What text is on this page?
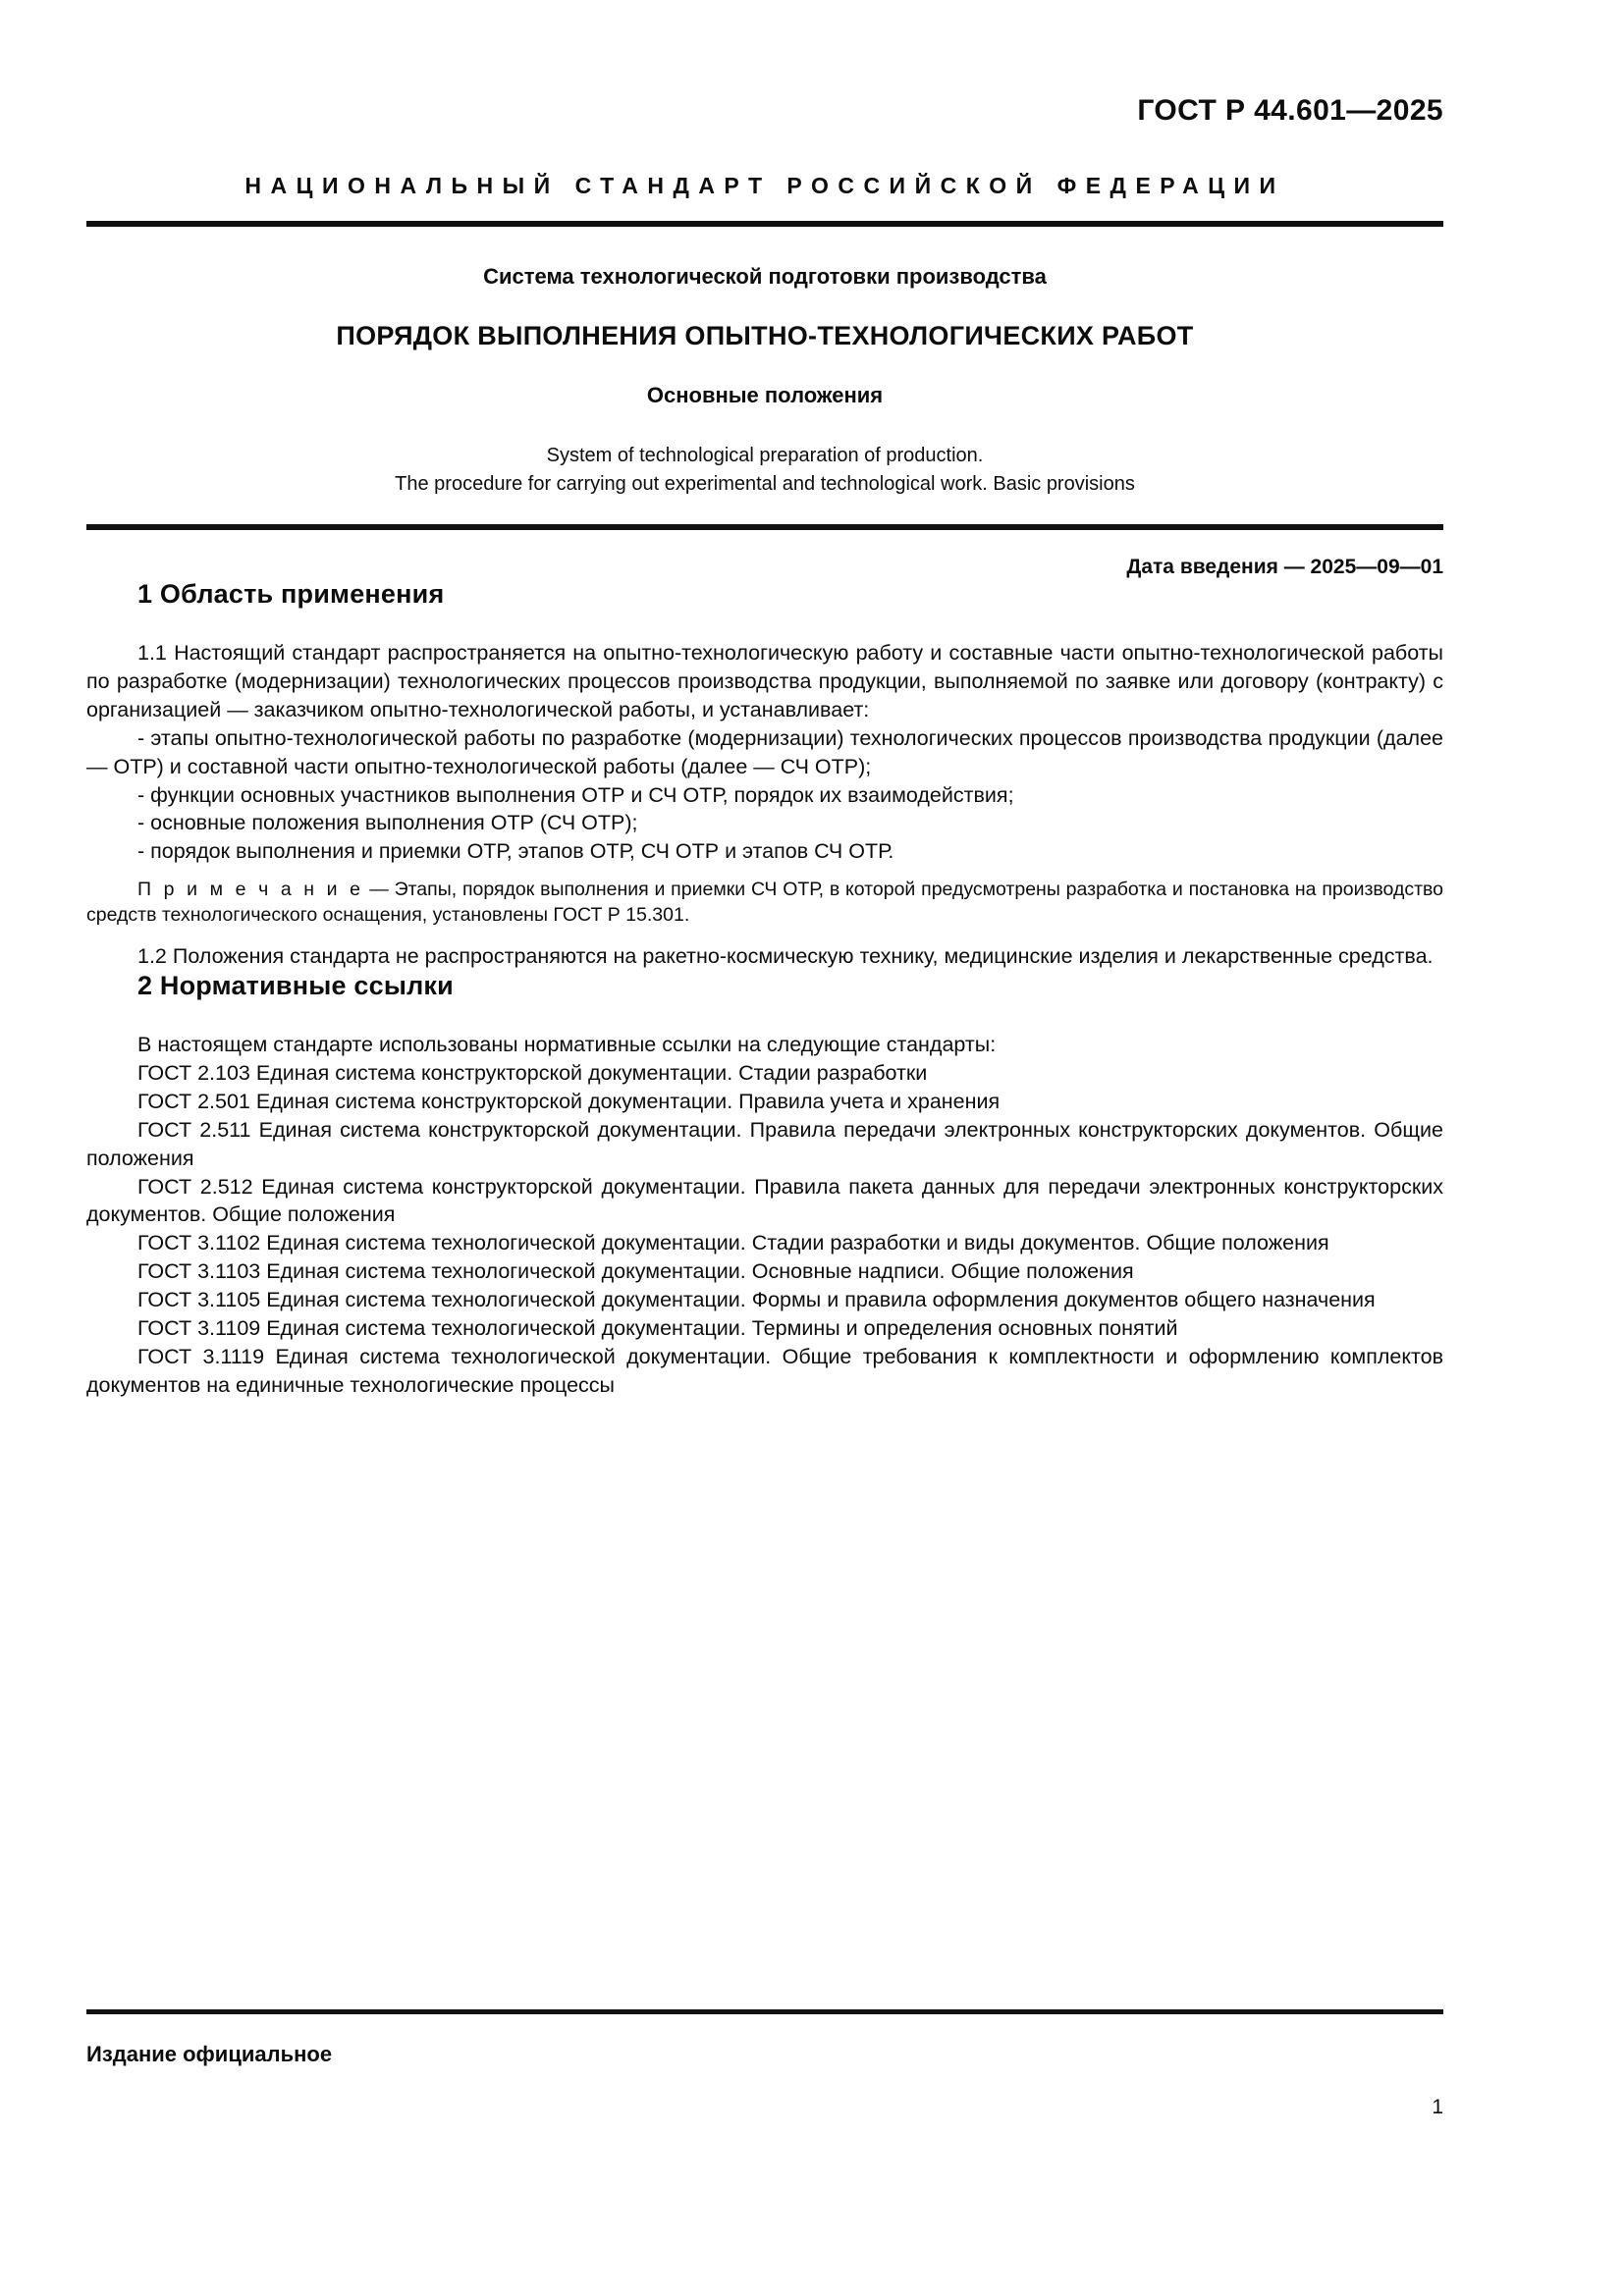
ГОСТ Р 44.601—2025
НАЦИОНАЛЬНЫЙ СТАНДАРТ РОССИЙСКОЙ ФЕДЕРАЦИИ
Система технологической подготовки производства
ПОРЯДОК ВЫПОЛНЕНИЯ ОПЫТНО-ТЕХНОЛОГИЧЕСКИХ РАБОТ
Основные положения
System of technological preparation of production.
The procedure for carrying out experimental and technological work. Basic provisions
Дата введения — 2025—09—01
1 Область применения

1.1 Настоящий стандарт распространяется на опытно-технологическую работу и составные части опытно-технологической работы по разработке (модернизации) технологических процессов производства продукции, выполняемой по заявке или договору (контракту) с организацией — заказчиком опытно-технологической работы, и устанавливает:

- этапы опытно-технологической работы по разработке (модернизации) технологических процессов производства продукции (далее — ОТР) и составной части опытно-технологической работы (далее — СЧ ОТР);

- функции основных участников выполнения ОТР и СЧ ОТР, порядок их взаимодействия;

- основные положения выполнения ОТР (СЧ ОТР);

- порядок выполнения и приемки ОТР, этапов ОТР, СЧ ОТР и этапов СЧ ОТР.

П р и м е ч а н и е — Этапы, порядок выполнения и приемки СЧ ОТР, в которой предусмотрены разработка и постановка на производство средств технологического оснащения, установлены ГОСТ Р 15.301.

1.2 Положения стандарта не распространяются на ракетно-космическую технику, медицинские изделия и лекарственные средства.

2 Нормативные ссылки

В настоящем стандарте использованы нормативные ссылки на следующие стандарты:

ГОСТ 2.103 Единая система конструкторской документации. Стадии разработки

ГОСТ 2.501 Единая система конструкторской документации. Правила учета и хранения

ГОСТ 2.511 Единая система конструкторской документации. Правила передачи электронных конструкторских документов. Общие положения

ГОСТ 2.512 Единая система конструкторской документации. Правила пакета данных для передачи электронных конструкторских документов. Общие положения

ГОСТ 3.1102 Единая система технологической документации. Стадии разработки и виды документов. Общие положения

ГОСТ 3.1103 Единая система технологической документации. Основные надписи. Общие положения

ГОСТ 3.1105 Единая система технологической документации. Формы и правила оформления документов общего назначения

ГОСТ 3.1109 Единая система технологической документации. Термины и определения основных понятий

ГОСТ 3.1119 Единая система технологической документации. Общие требования к комплектности и оформлению комплектов документов на единичные технологические процессы

Издание официальное
1
